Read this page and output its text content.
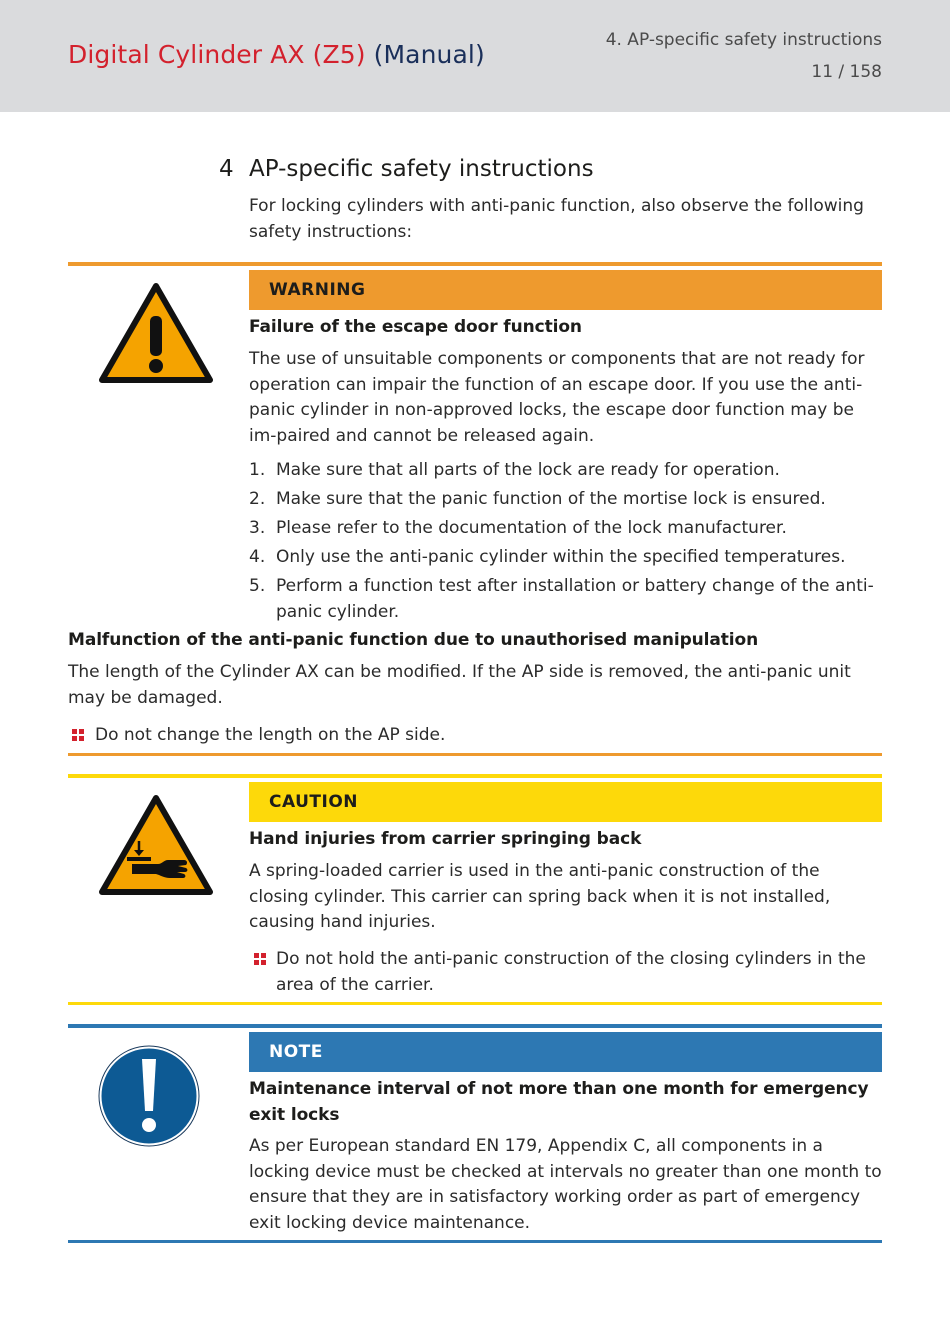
Digital Cylinder AX (Z5) (Manual)	4. AP-specific safety instructions
11 / 158
4 AP-specific safety instructions
For locking cylinders with anti-panic function, also observe the following safety instructions:
WARNING
Failure of the escape door function
The use of unsuitable components or components that are not ready for operation can impair the function of an escape door. If you use the anti-panic cylinder in non-approved locks, the escape door function may be im-paired and cannot be released again.
1. Make sure that all parts of the lock are ready for operation.
2. Make sure that the panic function of the mortise lock is ensured.
3. Please refer to the documentation of the lock manufacturer.
4. Only use the anti-panic cylinder within the specified temperatures.
5. Perform a function test after installation or battery change of the anti-panic cylinder.
Malfunction of the anti-panic function due to unauthorised manipulation
The length of the Cylinder AX can be modified. If the AP side is removed, the anti-panic unit may be damaged.
Do not change the length on the AP side.
CAUTION
Hand injuries from carrier springing back
A spring-loaded carrier is used in the anti-panic construction of the closing cylinder. This carrier can spring back when it is not installed, causing hand injuries.
Do not hold the anti-panic construction of the closing cylinders in the area of the carrier.
NOTE
Maintenance interval of not more than one month for emergency exit locks
As per European standard EN 179, Appendix C, all components in a locking device must be checked at intervals no greater than one month to ensure that they are in satisfactory working order as part of emergency exit locking device maintenance.
